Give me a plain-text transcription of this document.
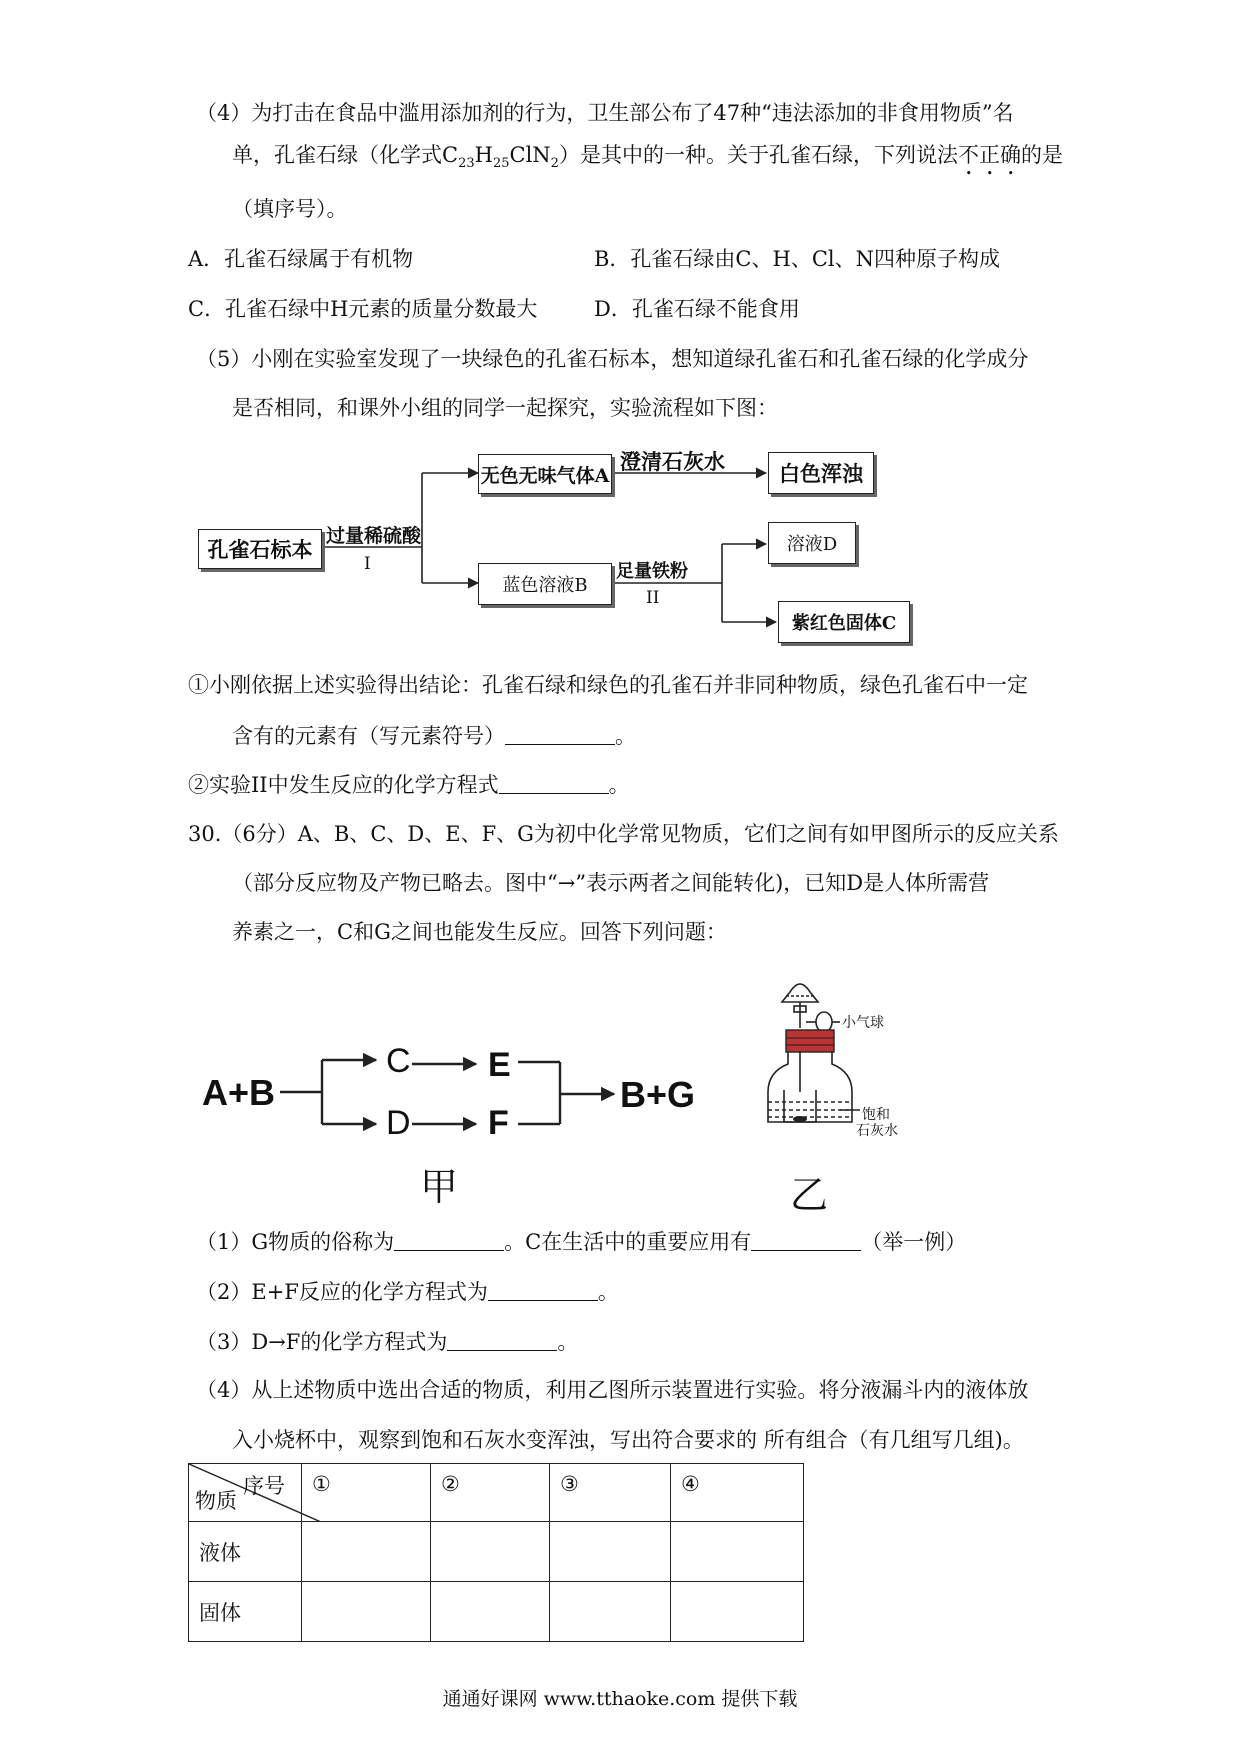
（4）为打击在食品中滥用添加剂的行为，卫生部公布了47种“违法添加的非食用物质”名
单，孔雀石绿（化学式$C_{23}H_{25}ClN_2$）是其中的一种。关于孔雀石绿，下列说法不正确的是
（填序号）。
A．孔雀石绿属于有机物	B．孔雀石绿由C、H、Cl、N四种原子构成
C．孔雀石绿中H元素的质量分数最大	D．孔雀石绿不能食用
（5）小刚在实验室发现了一块绿色的孔雀石标本，想知道绿孔雀石和孔雀石绿的化学成分
是否相同，和课外小组的同学一起探究，实验流程如下图：
孔雀石标本
过量稀硫酸
I
无色无味气体A
澄清石灰水	白色浑浊
蓝色溶液B
足量铁粉
II
溶液D
紫红色固体C
①小刚依据上述实验得出结论：孔雀石绿和绿色的孔雀石并非同种物质，绿色孔雀石中一定
含有的元素有（写元素符号）	。
②实验II中发生反应的化学方程式	。
30.（6分）A、B、C、D、E、F、G为初中化学常见物质，它们之间有如甲图所示的反应关系
（部分反应物及产物已略去。图中“→”表示两者之间能转化)，已知D是人体所需营
养素之一，C和G之间也能发生反应。回答下列问题：
A+B
C E
D F
B+G
甲
小气球
饱和
石灰水
乙
（1）G物质的俗称为	。C在生活中的重要应用有	（举一例）
（2）E+F反应的化学方程式为	。
（3）D→F的化学方程式为	。
（4）从上述物质中选出合适的物质，利用乙图所示装置进行实验。将分液漏斗内的液体放
入小烧杯中，观察到饱和石灰水变浑浊，写出符合要求的 所有组合（有几组写几组)。
序号
物质	①	②	③	④
液体				
固体				
通通好课网 www.tthaoke.com 提供下载
